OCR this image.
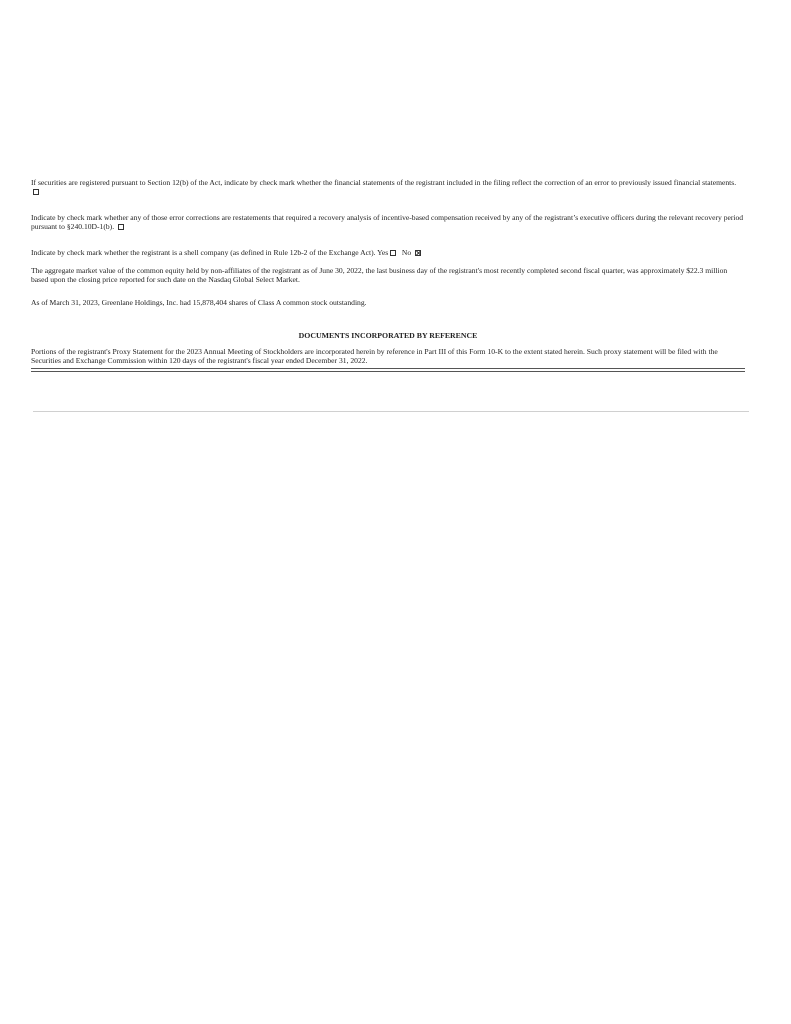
If securities are registered pursuant to Section 12(b) of the Act, indicate by check mark whether the financial statements of the registrant included in the filing reflect the correction of an error to previously issued financial statements.

Indicate by check mark whether any of those error corrections are restatements that required a recovery analysis of incentive-based compensation received by any of the registrant’s executive officers during the relevant recovery period pursuant to §240.10D-1(b).

Indicate by check mark whether the registrant is a shell company (as defined in Rule 12b-2 of the Exchange Act). Yes No

The aggregate market value of the common equity held by non-affiliates of the registrant as of June 30, 2022, the last business day of the registrant's most recently completed second fiscal quarter, was approximately $22.3 million based upon the closing price reported for such date on the Nasdaq Global Select Market.

As of March 31, 2023, Greenlane Holdings, Inc. had 15,878,404 shares of Class A common stock outstanding.

DOCUMENTS INCORPORATED BY REFERENCE

Portions of the registrant's Proxy Statement for the 2023 Annual Meeting of Stockholders are incorporated herein by reference in Part III of this Form 10-K to the extent stated herein. Such proxy statement will be filed with the Securities and Exchange Commission within 120 days of the registrant's fiscal year ended December 31, 2022.
